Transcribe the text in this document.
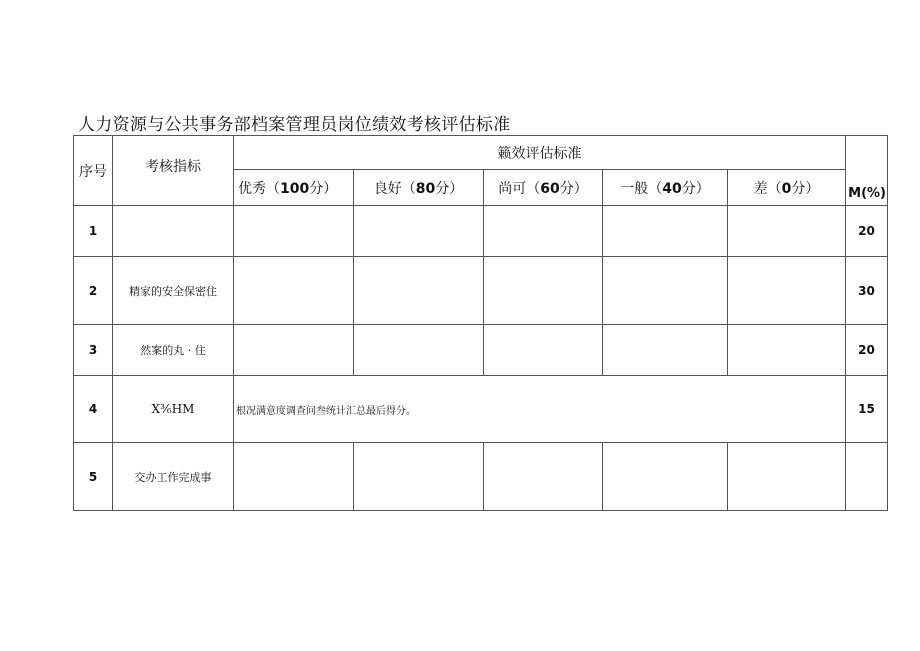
人力资源与公共事务部档案管理员岗位绩效考核评估标准
序号	考核指标	籁效评估标准					M(%)
		优秀（100分）	良好（80分）	尚可（60分）	一般（40分）	差（0分）	
1							20
2	精家的安全保密住						30
3	然案的丸 · 住						20
4	X³⁄₆HM	根况满意度调查问叁统计汇总最后得分。					15
5	交办工作完成事						
